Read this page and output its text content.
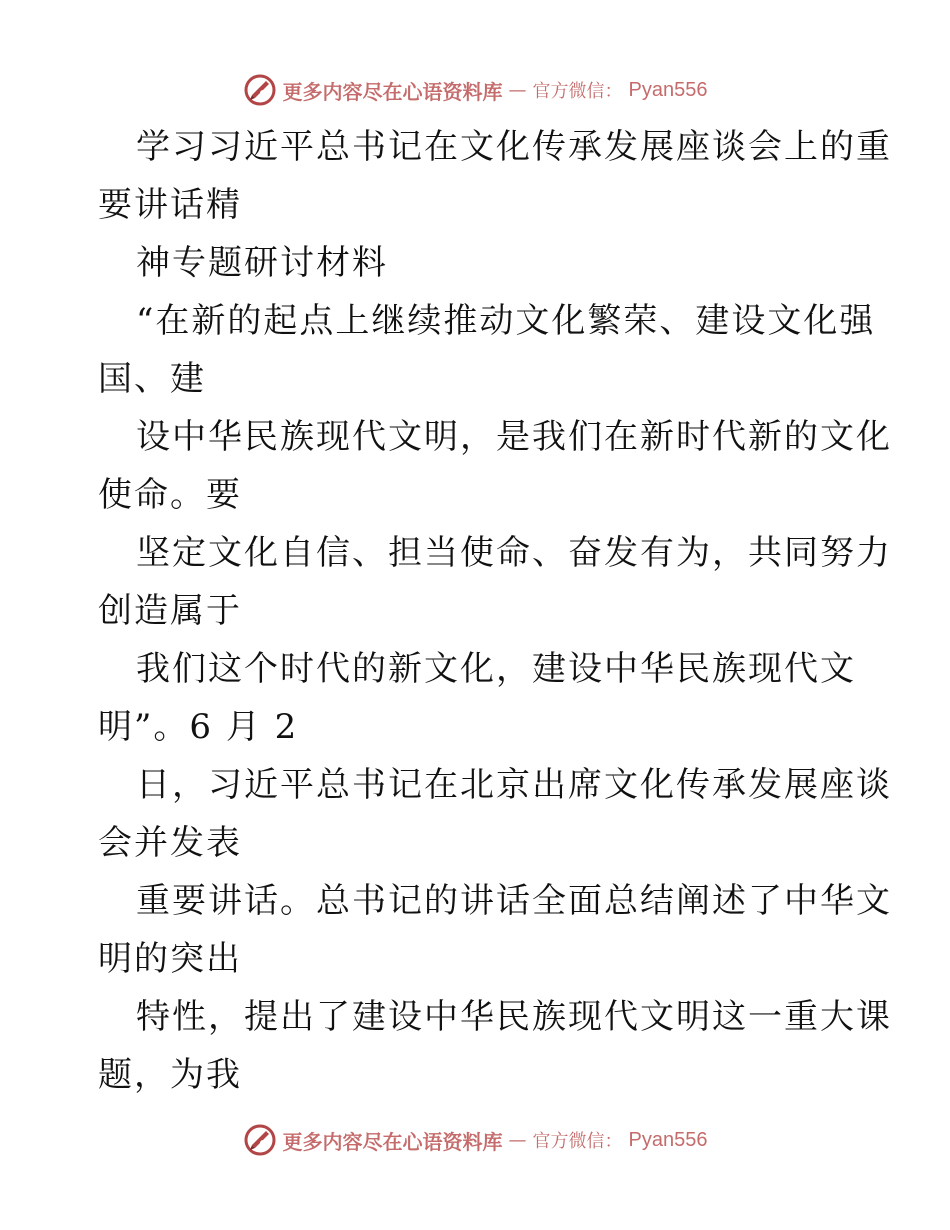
更多内容尽在心语资料库 — 官方微信： Pyan556
学习习近平总书记在文化传承发展座谈会上的重
要讲话精
神专题研讨材料
“在新的起点上继续推动文化繁荣、建设文化强
国、建
设中华民族现代文明，是我们在新时代新的文化
使命。要
坚定文化自信、担当使命、奋发有为，共同努力
创造属于
我们这个时代的新文化，建设中华民族现代文
明”。6 月 2
日，习近平总书记在北京出席文化传承发展座谈
会并发表
重要讲话。总书记的讲话全面总结阐述了中华文
明的突出
特性，提出了建设中华民族现代文明这一重大课
题，为我
更多内容尽在心语资料库 — 官方微信： Pyan556
